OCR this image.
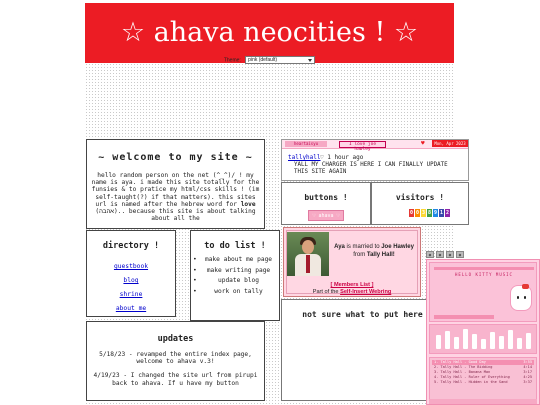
☆ ahava neocities ! ☆
Theme: pink (default)
~ welcome to my site ~

hello random person on the net (^_^)/ ! my name is aya. i made this site totally for the funsies & to pratice my html/css skills ! (im self-taught(?) if that matters). this sites url is named after the hebrew word for love (אהבה).. because this site is about talking about all the

directory !
guestbook
blog
shrine
about me
to do list !
• make about me page
• make writing page
• update blog
• work on tally
updates

5/18/23 - revamped the entire index page, welcome to ahava v.3!

4/19/23 - I changed the site url from pirupi back to ahava. If u have my button

heartaisyu	I love joe hawley
♥	Mon, Apr 2023
tallyhall ♡ 1 hour ago
YALL MY CHARGER IS HERE I CAN FINALLY UPDATE THIS SITE AGAIN
buttons !
♡ ahava ♡
visitors !
0 0 3 8 9 1 2
Aya is married to Joe Hawley from Tally Hall!
[ Members List ]
Part of the Self-Insert Webring
not sure what to put here
◉	◉	◉	◉
HELLO KITTY MUSIC
1. Tally Hall - Good Day	3:55
2. Tally Hall - The Bidding	4:14
3. Tally Hall - Banana Man	3:17
4. Tally Hall - Ruler of Everything	4:25
5. Tally Hall - Hidden in the Sand	3:37
